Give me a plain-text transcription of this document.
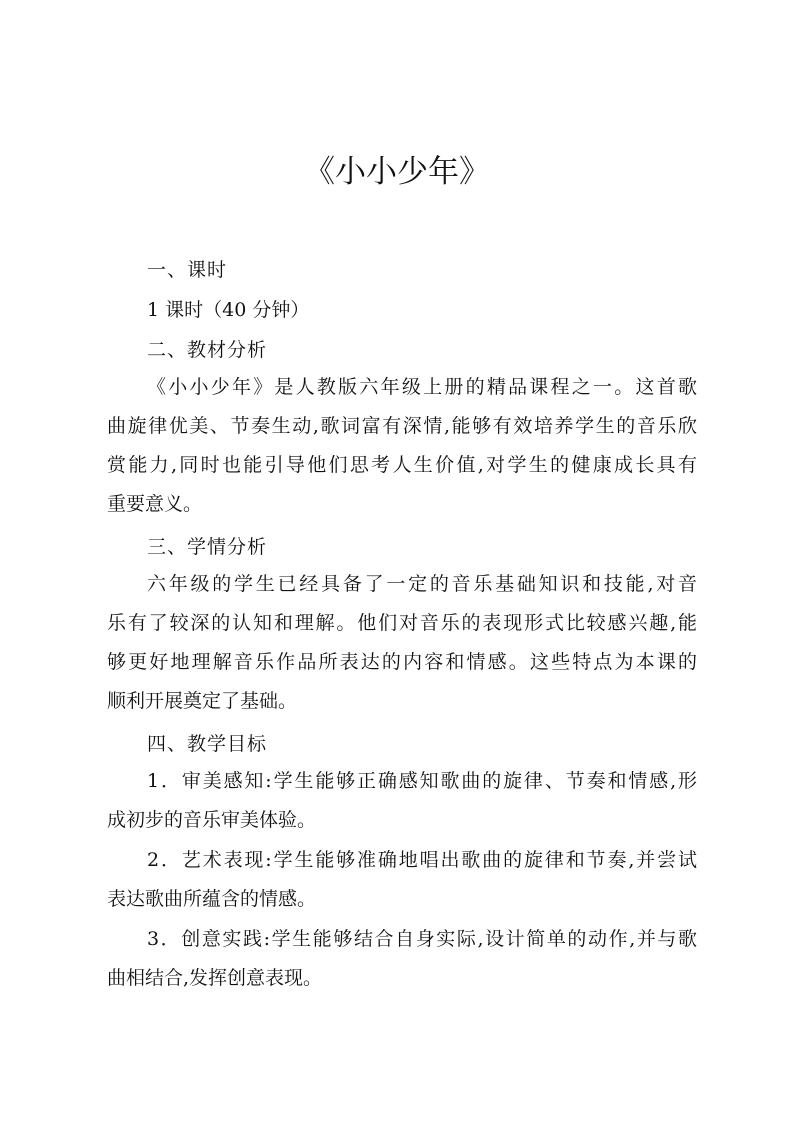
《小小少年》
一、课时
1 课时（40 分钟）
二、教材分析
《小小少年》是人教版六年级上册的精品课程之一。这首歌
曲旋律优美、节奏生动,歌词富有深情,能够有效培养学生的音乐欣
赏能力,同时也能引导他们思考人生价值,对学生的健康成长具有
重要意义。
三、学情分析
六年级的学生已经具备了一定的音乐基础知识和技能,对音
乐有了较深的认知和理解。他们对音乐的表现形式比较感兴趣,能
够更好地理解音乐作品所表达的内容和情感。这些特点为本课的
顺利开展奠定了基础。
四、教学目标
1．审美感知:学生能够正确感知歌曲的旋律、节奏和情感,形
成初步的音乐审美体验。
2．艺术表现:学生能够准确地唱出歌曲的旋律和节奏,并尝试
表达歌曲所蕴含的情感。
3．创意实践:学生能够结合自身实际,设计简单的动作,并与歌
曲相结合,发挥创意表现。
